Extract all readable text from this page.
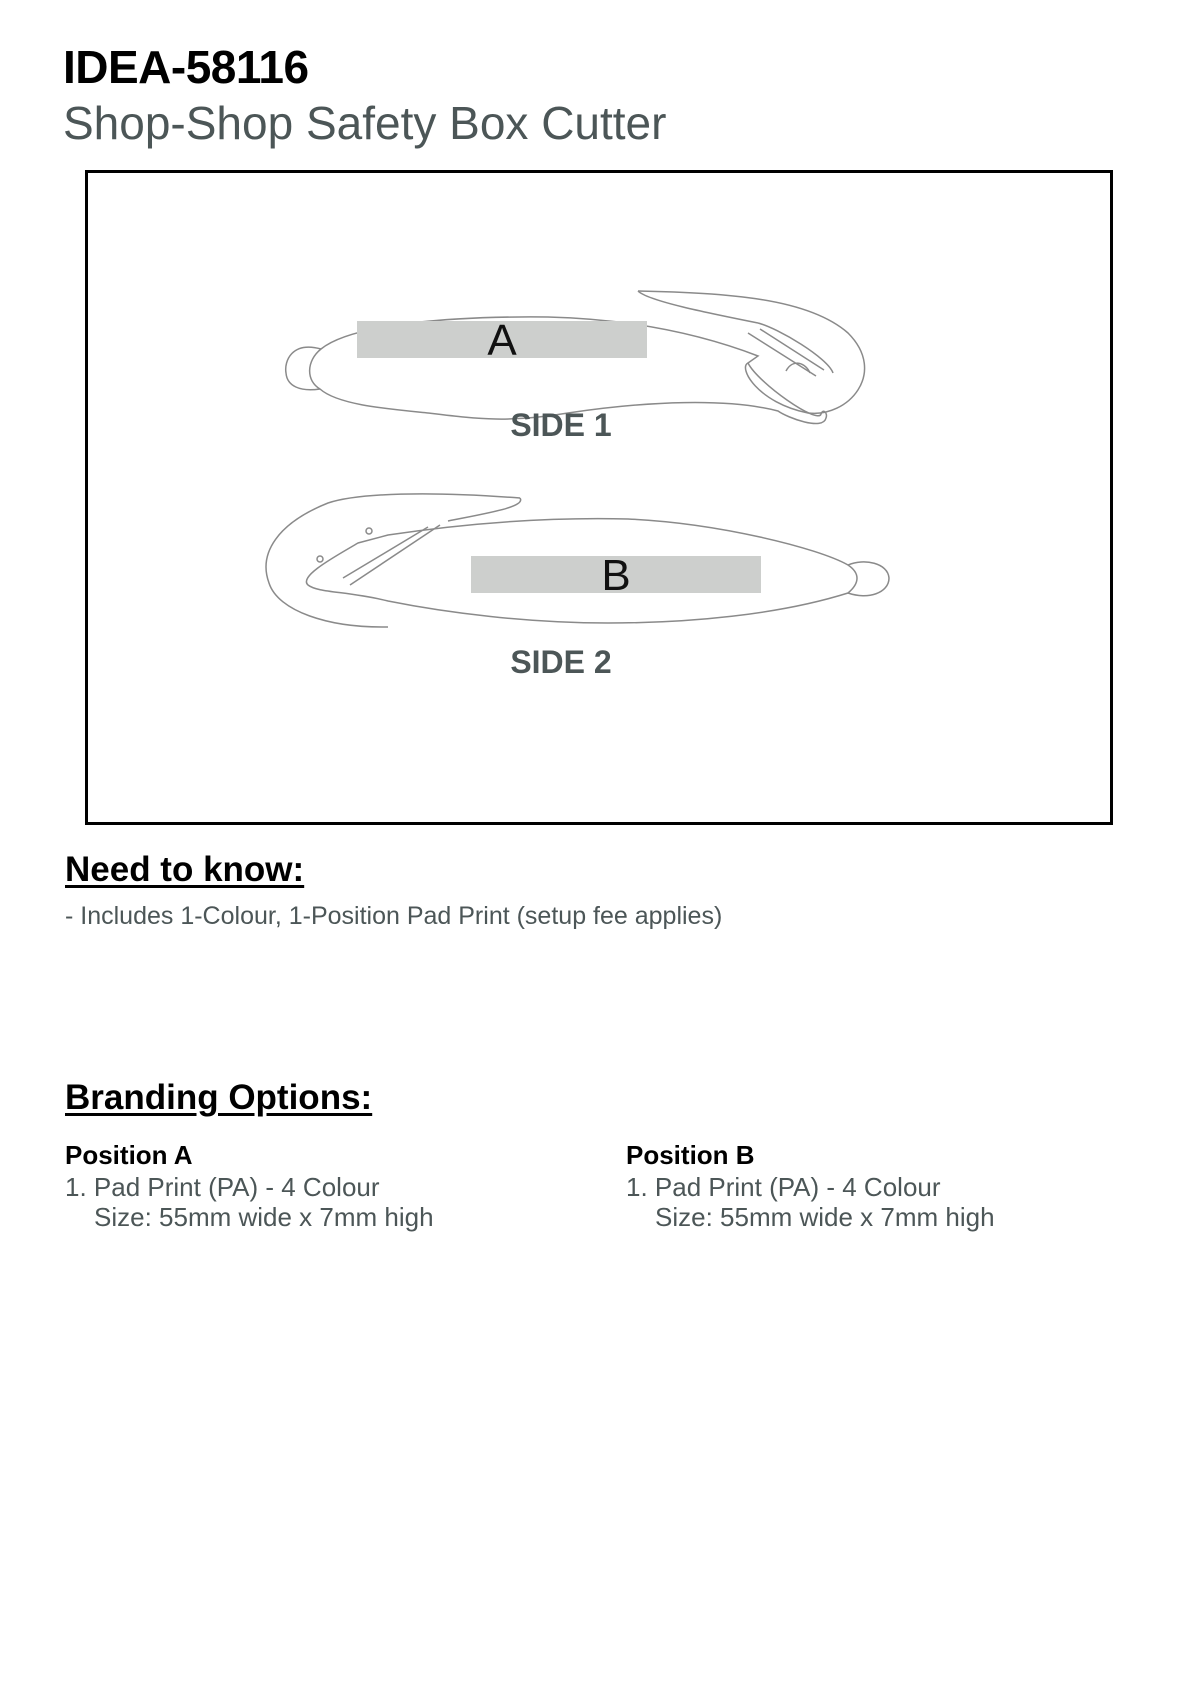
IDEA-58116
Shop-Shop Safety Box Cutter
A
SIDE 1
B
SIDE 2
Need to know:
- Includes 1-Colour, 1-Position Pad Print (setup fee applies)
Branding Options:
Position A
1. Pad Print (PA) - 4 Colour
Size: 55mm wide x 7mm high
Position B
1. Pad Print (PA) - 4 Colour
Size: 55mm wide x 7mm high
